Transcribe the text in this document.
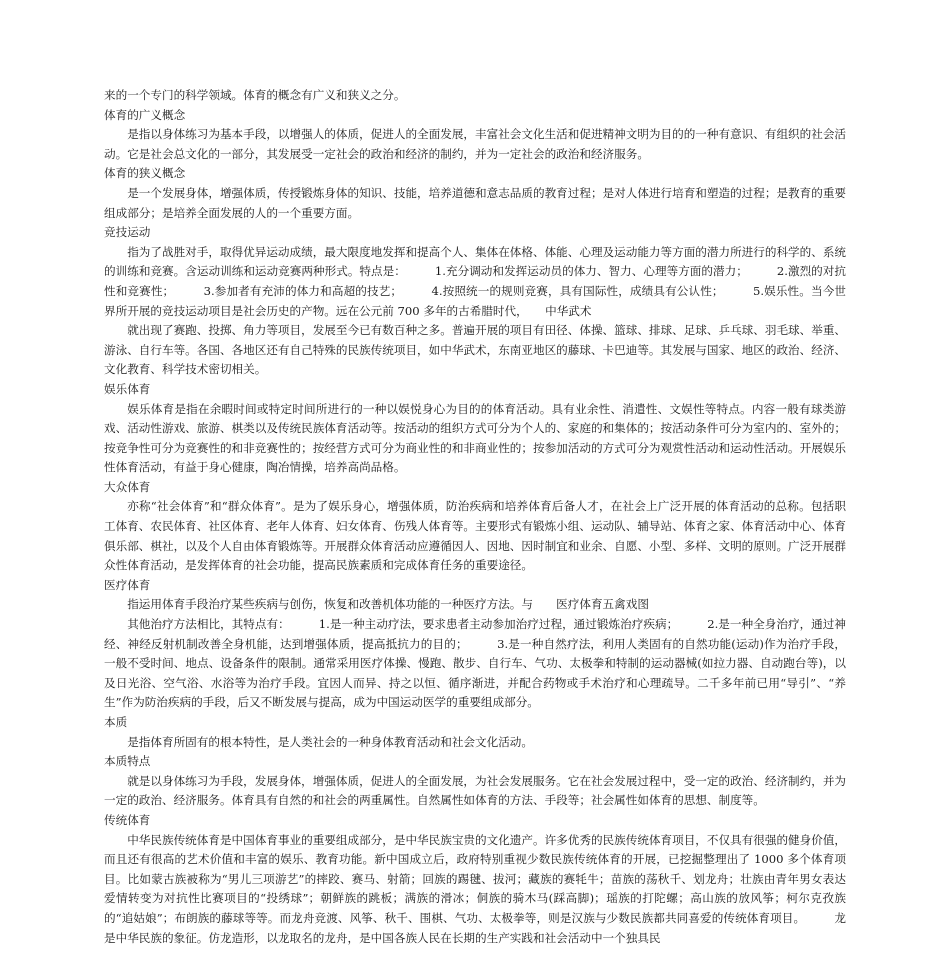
来的一个专门的科学领域。体育的概念有广义和狭义之分。

体育的广义概念

是指以身体练习为基本手段，以增强人的体质，促进人的全面发展，丰富社会文化生活和促进精神文明为目的的一种有意识、有组织的社会活动。它是社会总文化的一部分，其发展受一定社会的政治和经济的制约，并为一定社会的政治和经济服务。

体育的狭义概念

是一个发展身体，增强体质，传授锻炼身体的知识、技能，培养道德和意志品质的教育过程；是对人体进行培育和塑造的过程；是教育的重要组成部分；是培养全面发展的人的一个重要方面。

竞技运动

指为了战胜对手，取得优异运动成绩，最大限度地发挥和提高个人、集体在体格、体能、心理及运动能力等方面的潜力所进行的科学的、系统的训练和竞赛。含运动训练和运动竞赛两种形式。特点是：　　　1.充分调动和发挥运动员的体力、智力、心理等方面的潜力；　　　2.激烈的对抗性和竞赛性；　　　3.参加者有充沛的体力和高超的技艺；　　　4.按照统一的规则竞赛，具有国际性，成绩具有公认性；　　　5.娱乐性。当今世界所开展的竞技运动项目是社会历史的产物。远在公元前 700 多年的古希腊时代，　　中华武术

就出现了赛跑、投掷、角力等项目，发展至今已有数百种之多。普遍开展的项目有田径、体操、篮球、排球、足球、乒乓球、羽毛球、举重、游泳、自行车等。各国、各地区还有自己特殊的民族传统项目，如中华武术，东南亚地区的藤球、卡巴迪等。其发展与国家、地区的政治、经济、文化教育、科学技术密切相关。

娱乐体育

娱乐体育是指在余暇时间或特定时间所进行的一种以娱悦身心为目的的体育活动。具有业余性、消遣性、文娱性等特点。内容一般有球类游戏、活动性游戏、旅游、棋类以及传统民族体育活动等。按活动的组织方式可分为个人的、家庭的和集体的；按活动条件可分为室内的、室外的；按竞争性可分为竞赛性的和非竞赛性的；按经营方式可分为商业性的和非商业性的；按参加活动的方式可分为观赏性活动和运动性活动。开展娱乐性体育活动，有益于身心健康，陶冶情操，培养高尚品格。

大众体育

亦称“社会体育”和“群众体育”。是为了娱乐身心，增强体质，防治疾病和培养体育后备人才，在社会上广泛开展的体育活动的总称。包括职工体育、农民体育、社区体育、老年人体育、妇女体育、伤残人体育等。主要形式有锻炼小组、运动队、辅导站、体育之家、体育活动中心、体育俱乐部、棋社，以及个人自由体育锻炼等。开展群众体育活动应遵循因人、因地、因时制宜和业余、自愿、小型、多样、文明的原则。广泛开展群众性体育活动，是发挥体育的社会功能，提高民族素质和完成体育任务的重要途径。

医疗体育

指运用体育手段治疗某些疾病与创伤，恢复和改善机体功能的一种医疗方法。与　　医疗体育五禽戏图

其他治疗方法相比，其特点有：　　　1.是一种主动疗法，要求患者主动参加治疗过程，通过锻炼治疗疾病；　　　2.是一种全身治疗，通过神经、神经反射机制改善全身机能，达到增强体质，提高抵抗力的目的；　　　3.是一种自然疗法，利用人类固有的自然功能(运动)作为治疗手段，一般不受时间、地点、设备条件的限制。通常采用医疗体操、慢跑、散步、自行车、气功、太极拳和特制的运动器械(如拉力器、自动跑台等)，以及日光浴、空气浴、水浴等为治疗手段。宜因人而异、持之以恒、循序渐进，并配合药物或手术治疗和心理疏导。二千多年前已用“导引”、“养生”作为防治疾病的手段，后又不断发展与提高，成为中国运动医学的重要组成部分。

本质

是指体育所固有的根本特性，是人类社会的一种身体教育活动和社会文化活动。

本质特点

就是以身体练习为手段，发展身体，增强体质，促进人的全面发展，为社会发展服务。它在社会发展过程中，受一定的政治、经济制约，并为一定的政治、经济服务。体育具有自然的和社会的两重属性。自然属性如体育的方法、手段等；社会属性如体育的思想、制度等。

传统体育

中华民族传统体育是中国体育事业的重要组成部分，是中华民族宝贵的文化遗产。许多优秀的民族传统体育项目，不仅具有很强的健身价值，而且还有很高的艺术价值和丰富的娱乐、教育功能。新中国成立后，政府特别重视少数民族传统体育的开展，已挖掘整理出了 1000 多个体育项目。比如蒙古族被称为“男儿三项游艺”的摔跤、赛马、射箭；回族的踢毽、拔河；藏族的赛牦牛；苗族的荡秋千、划龙舟；壮族由青年男女表达爱情转变为对抗性比赛项目的“投绣球”；朝鲜族的跳板；满族的滑冰；侗族的骑木马(踩高脚)；瑶族的打陀螺；高山族的放风筝；柯尔克孜族的“追姑娘”；布朗族的藤球等等。而龙舟竞渡、风筝、秋千、围棋、气功、太极拳等，则是汉族与少数民族都共同喜爱的传统体育项目。　　　龙是中华民族的象征。仿龙造形，以龙取名的龙舟，是中国各族人民在长期的生产实践和社会活动中一个独具民
